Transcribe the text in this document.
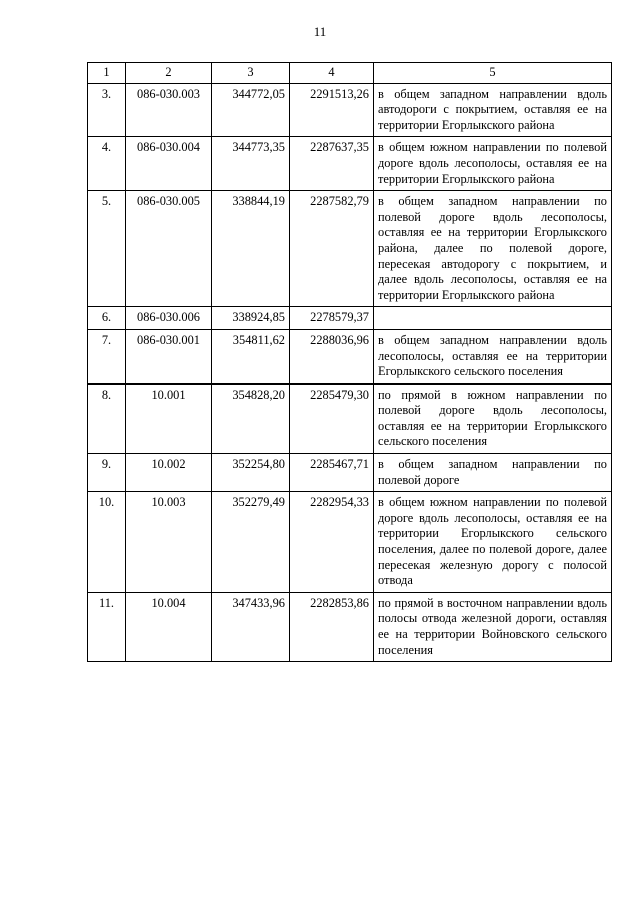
11
1	2	3	4	5
3.	086-030.003	344772,05	2291513,26	в общем западном направлении вдоль автодороги с покрытием, оставляя ее на территории Егорлыкского района
4.	086-030.004	344773,35	2287637,35	в общем южном направлении по полевой дороге вдоль лесополосы, оставляя ее на территории Егорлыкского района
5.	086-030.005	338844,19	2287582,79	в общем западном направлении по полевой дороге вдоль лесополосы, оставляя ее на территории Егорлыкского района, далее по полевой дороге, пересекая автодорогу с покрытием, и далее вдоль лесополосы, оставляя ее на территории Егорлыкского района
6.	086-030.006	338924,85	2278579,37	
7.	086-030.001	354811,62	2288036,96	в общем западном направлении вдоль лесополосы, оставляя ее на территории Егорлыкского сельского поселения
8.	10.001	354828,20	2285479,30	по прямой в южном направлении по полевой дороге вдоль лесополосы, оставляя ее на территории Егорлыкского сельского поселения
9.	10.002	352254,80	2285467,71	в общем западном направлении по полевой дороге
10.	10.003	352279,49	2282954,33	в общем южном направлении по полевой дороге вдоль лесополосы, оставляя ее на территории Егорлыкского сельского поселения, далее по полевой дороге, далее пересекая железную дорогу с полосой отвода
11.	10.004	347433,96	2282853,86	по прямой в восточном направлении вдоль полосы отвода железной дороги, оставляя ее на территории Войновского сельского поселения
